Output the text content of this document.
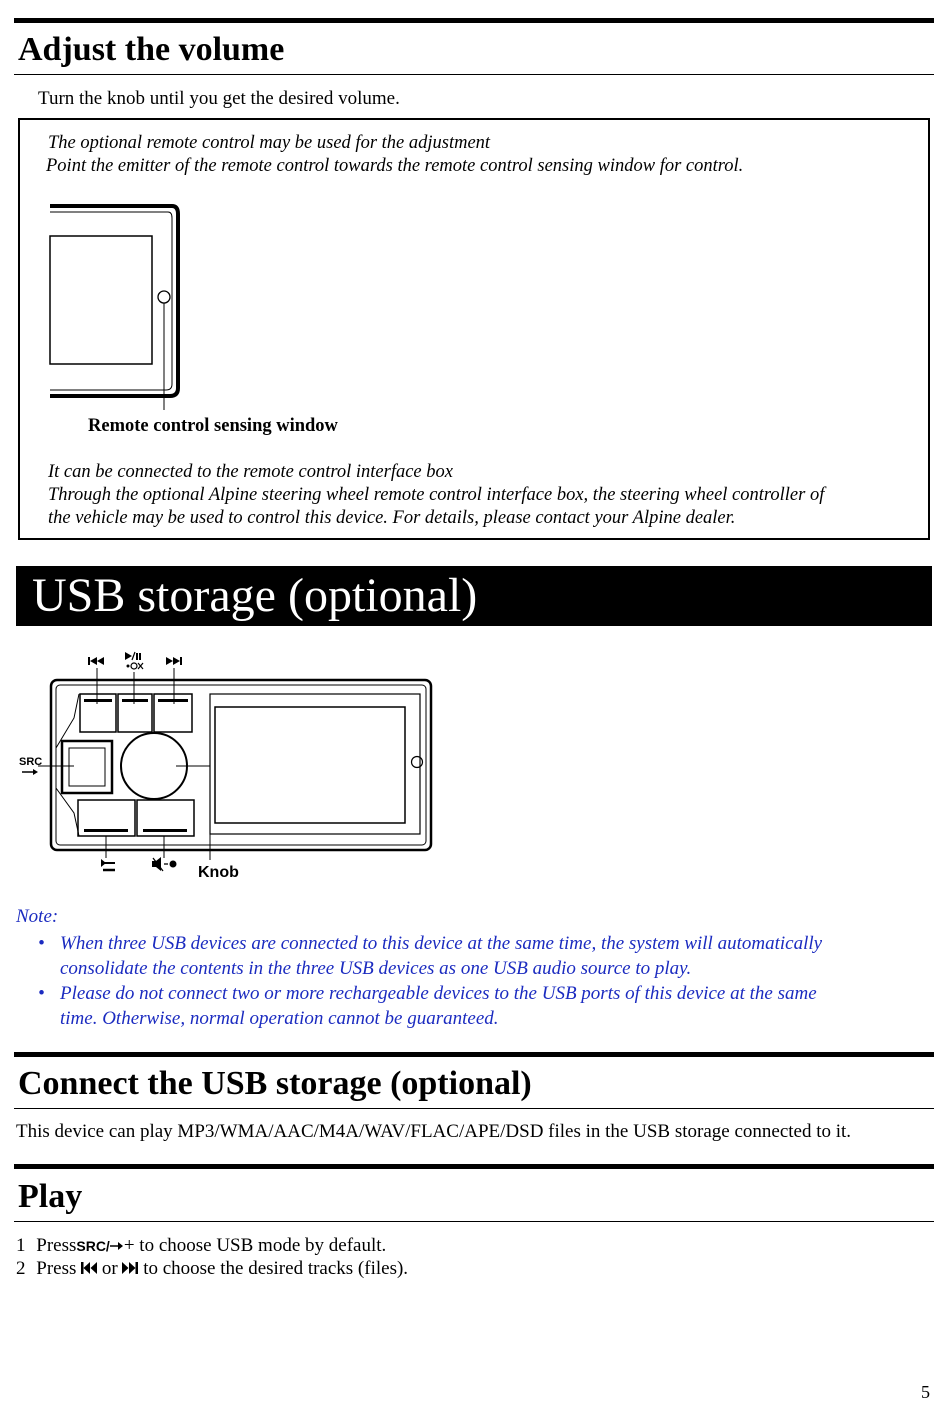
Adjust the volume
Turn the knob until you get the desired volume.
The optional remote control may be used for the adjustment
Point the emitter of the remote control towards the remote control sensing window for control.
Remote control sensing window
It can be connected to the remote control interface box
Through the optional Alpine steering wheel remote control interface box, the steering wheel controller of
the vehicle may be used to control this device. For details, please contact your Alpine dealer.
USB storage (optional)
SRC
Knob
Note:
• When three USB devices are connected to this device at the same time, the system will automatically
consolidate the contents in the three USB devices as one USB audio source to play.
• Please do not connect two or more rechargeable devices to the USB ports of this device at the same
time. Otherwise, normal operation cannot be guaranteed.
Connect the USB storage (optional)
This device can play MP3/WMA/AAC/M4A/WAV/FLAC/APE/DSD files in the USB storage connected to it.
Play
1 PressSRC/ + to choose USB mode by default.
2 Press or to choose the desired tracks (files).
5
